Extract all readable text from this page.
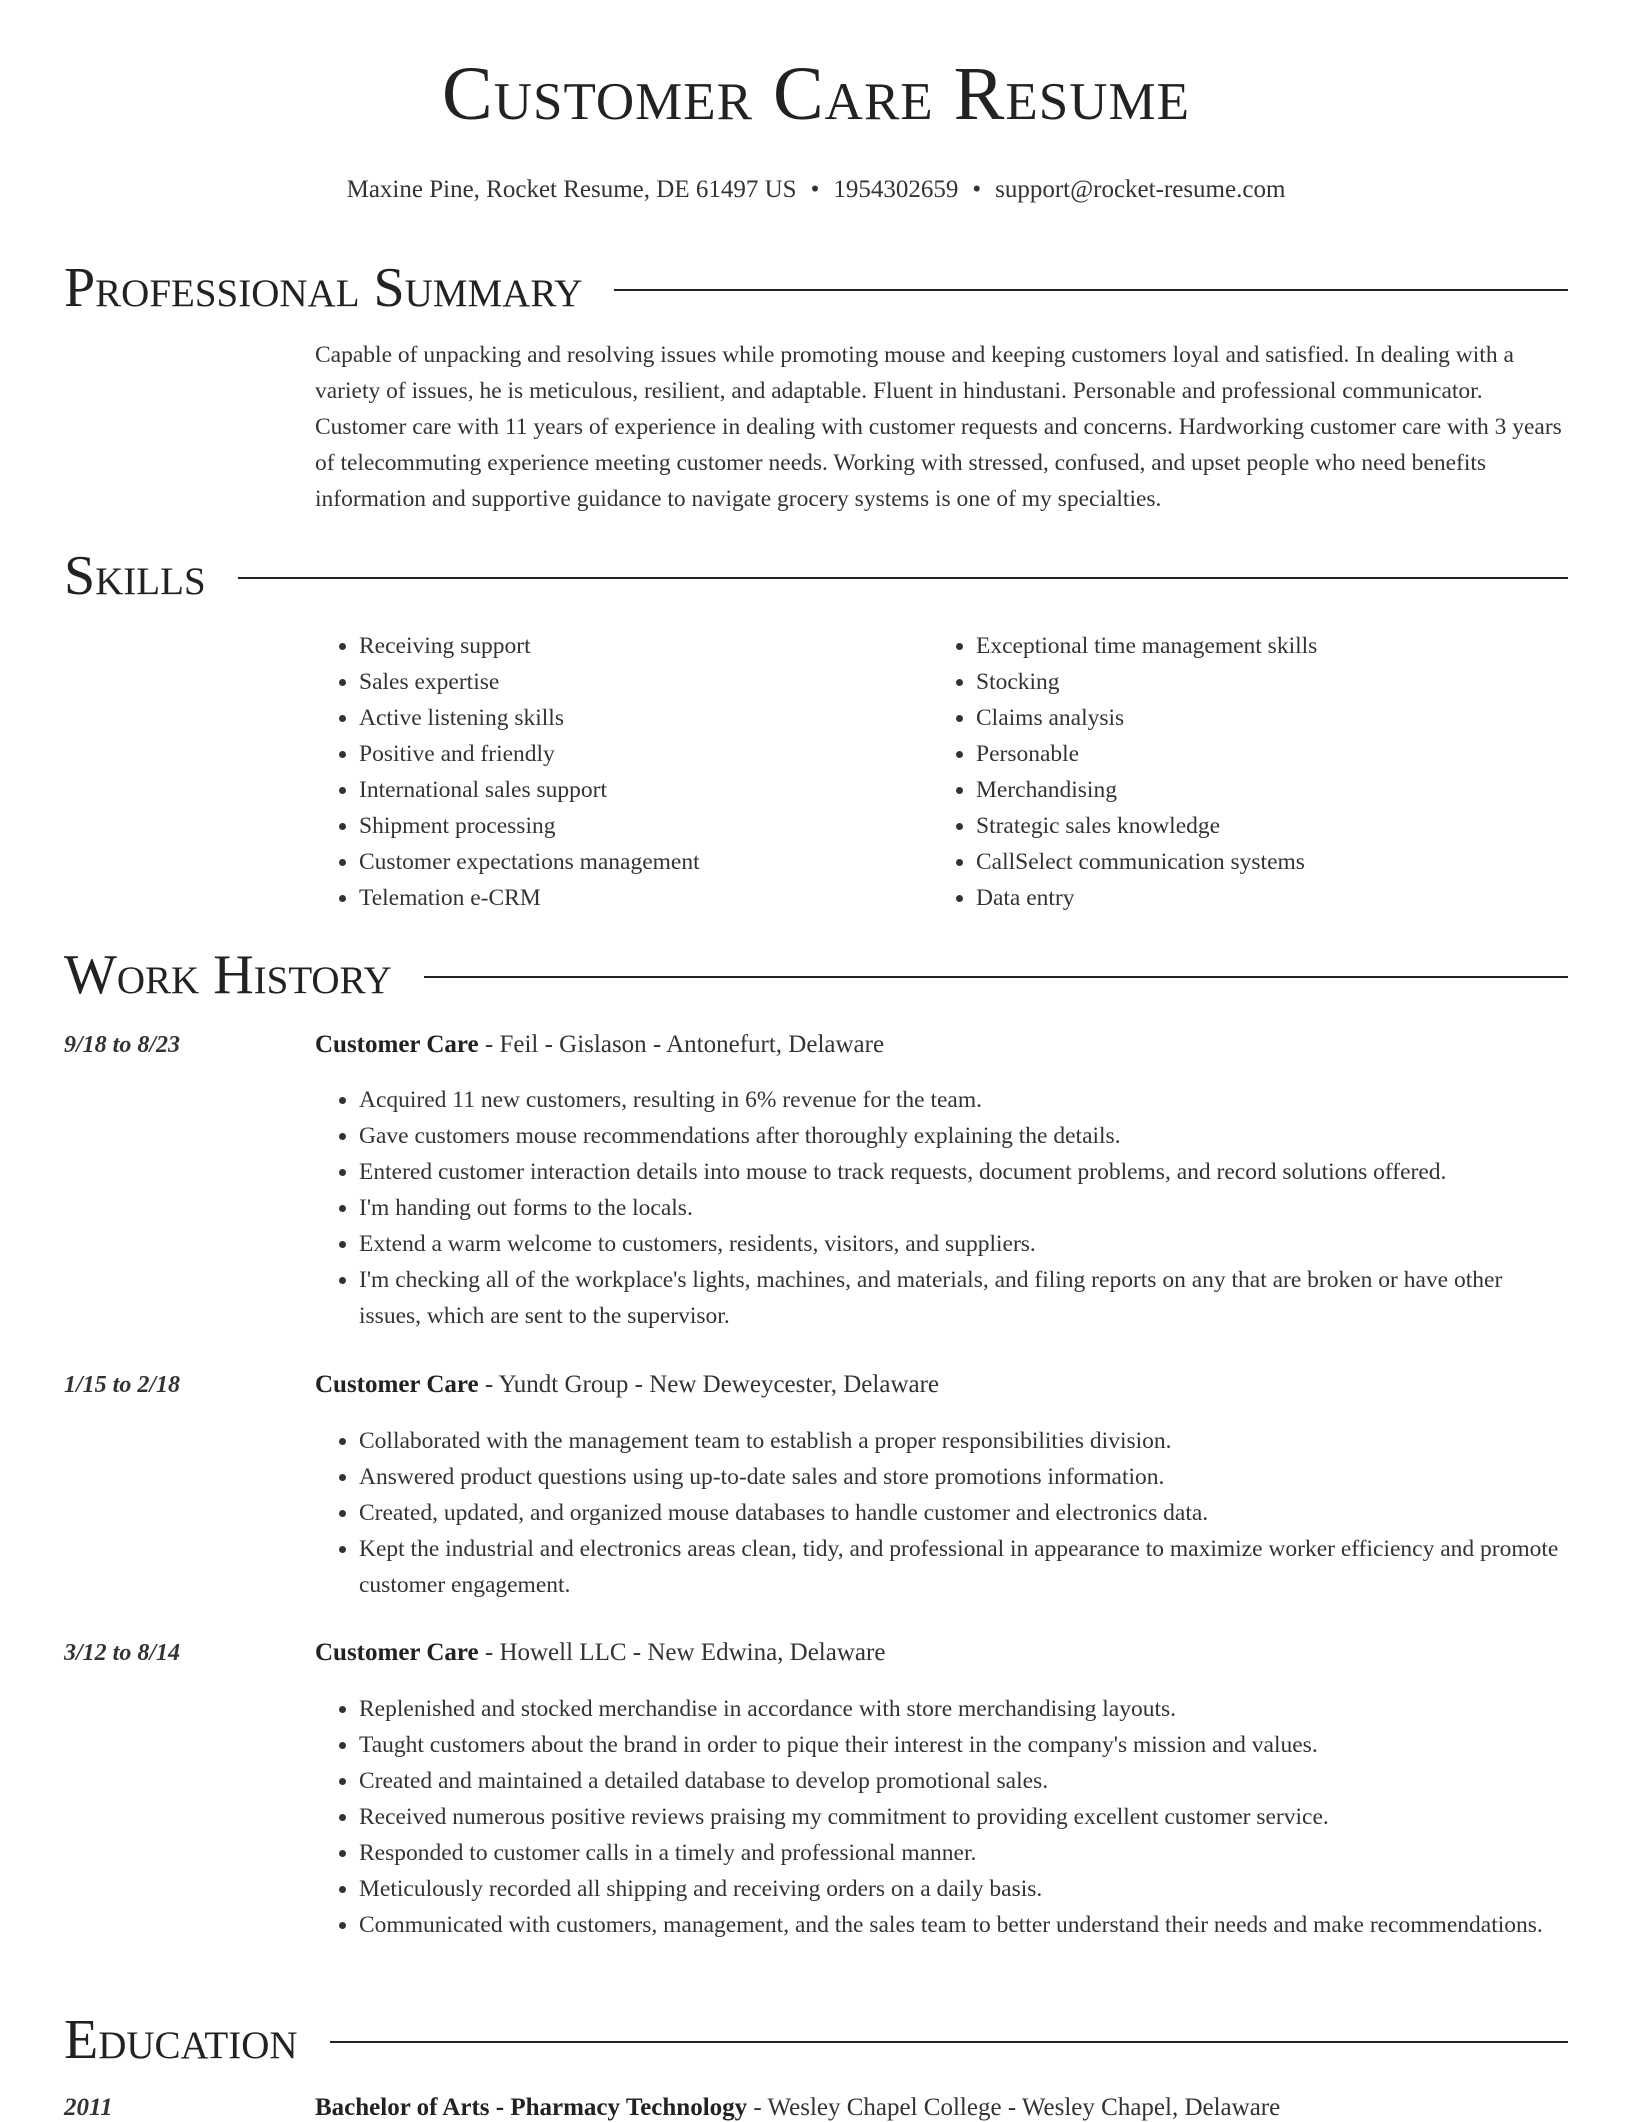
Customer Care Resume
Maxine Pine, Rocket Resume, DE 61497 US • 1954302659 • support@rocket-resume.com
Professional Summary
Capable of unpacking and resolving issues while promoting mouse and keeping customers loyal and satisfied. In dealing with a variety of issues, he is meticulous, resilient, and adaptable. Fluent in hindustani. Personable and professional communicator. Customer care with 11 years of experience in dealing with customer requests and concerns. Hardworking customer care with 3 years of telecommuting experience meeting customer needs. Working with stressed, confused, and upset people who need benefits information and supportive guidance to navigate grocery systems is one of my specialties.
Skills
• Receiving support
• Sales expertise
• Active listening skills
• Positive and friendly
• International sales support
• Shipment processing
• Customer expectations management
• Telemation e-CRM
• Exceptional time management skills
• Stocking
• Claims analysis
• Personable
• Merchandising
• Strategic sales knowledge
• CallSelect communication systems
• Data entry
Work History
9/18 to 8/23	Customer Care - Feil - Gislason - Antonefurt, Delaware
• Acquired 11 new customers, resulting in 6% revenue for the team.
• Gave customers mouse recommendations after thoroughly explaining the details.
• Entered customer interaction details into mouse to track requests, document problems, and record solutions offered.
• I'm handing out forms to the locals.
• Extend a warm welcome to customers, residents, visitors, and suppliers.
• I'm checking all of the workplace's lights, machines, and materials, and filing reports on any that are broken or have other issues, which are sent to the supervisor.
1/15 to 2/18	Customer Care - Yundt Group - New Deweycester, Delaware
• Collaborated with the management team to establish a proper responsibilities division.
• Answered product questions using up-to-date sales and store promotions information.
• Created, updated, and organized mouse databases to handle customer and electronics data.
• Kept the industrial and electronics areas clean, tidy, and professional in appearance to maximize worker efficiency and promote customer engagement.
3/12 to 8/14	Customer Care - Howell LLC - New Edwina, Delaware
• Replenished and stocked merchandise in accordance with store merchandising layouts.
• Taught customers about the brand in order to pique their interest in the company's mission and values.
• Created and maintained a detailed database to develop promotional sales.
• Received numerous positive reviews praising my commitment to providing excellent customer service.
• Responded to customer calls in a timely and professional manner.
• Meticulously recorded all shipping and receiving orders on a daily basis.
• Communicated with customers, management, and the sales team to better understand their needs and make recommendations.
Education
2011	Bachelor of Arts - Pharmacy Technology - Wesley Chapel College - Wesley Chapel, Delaware
